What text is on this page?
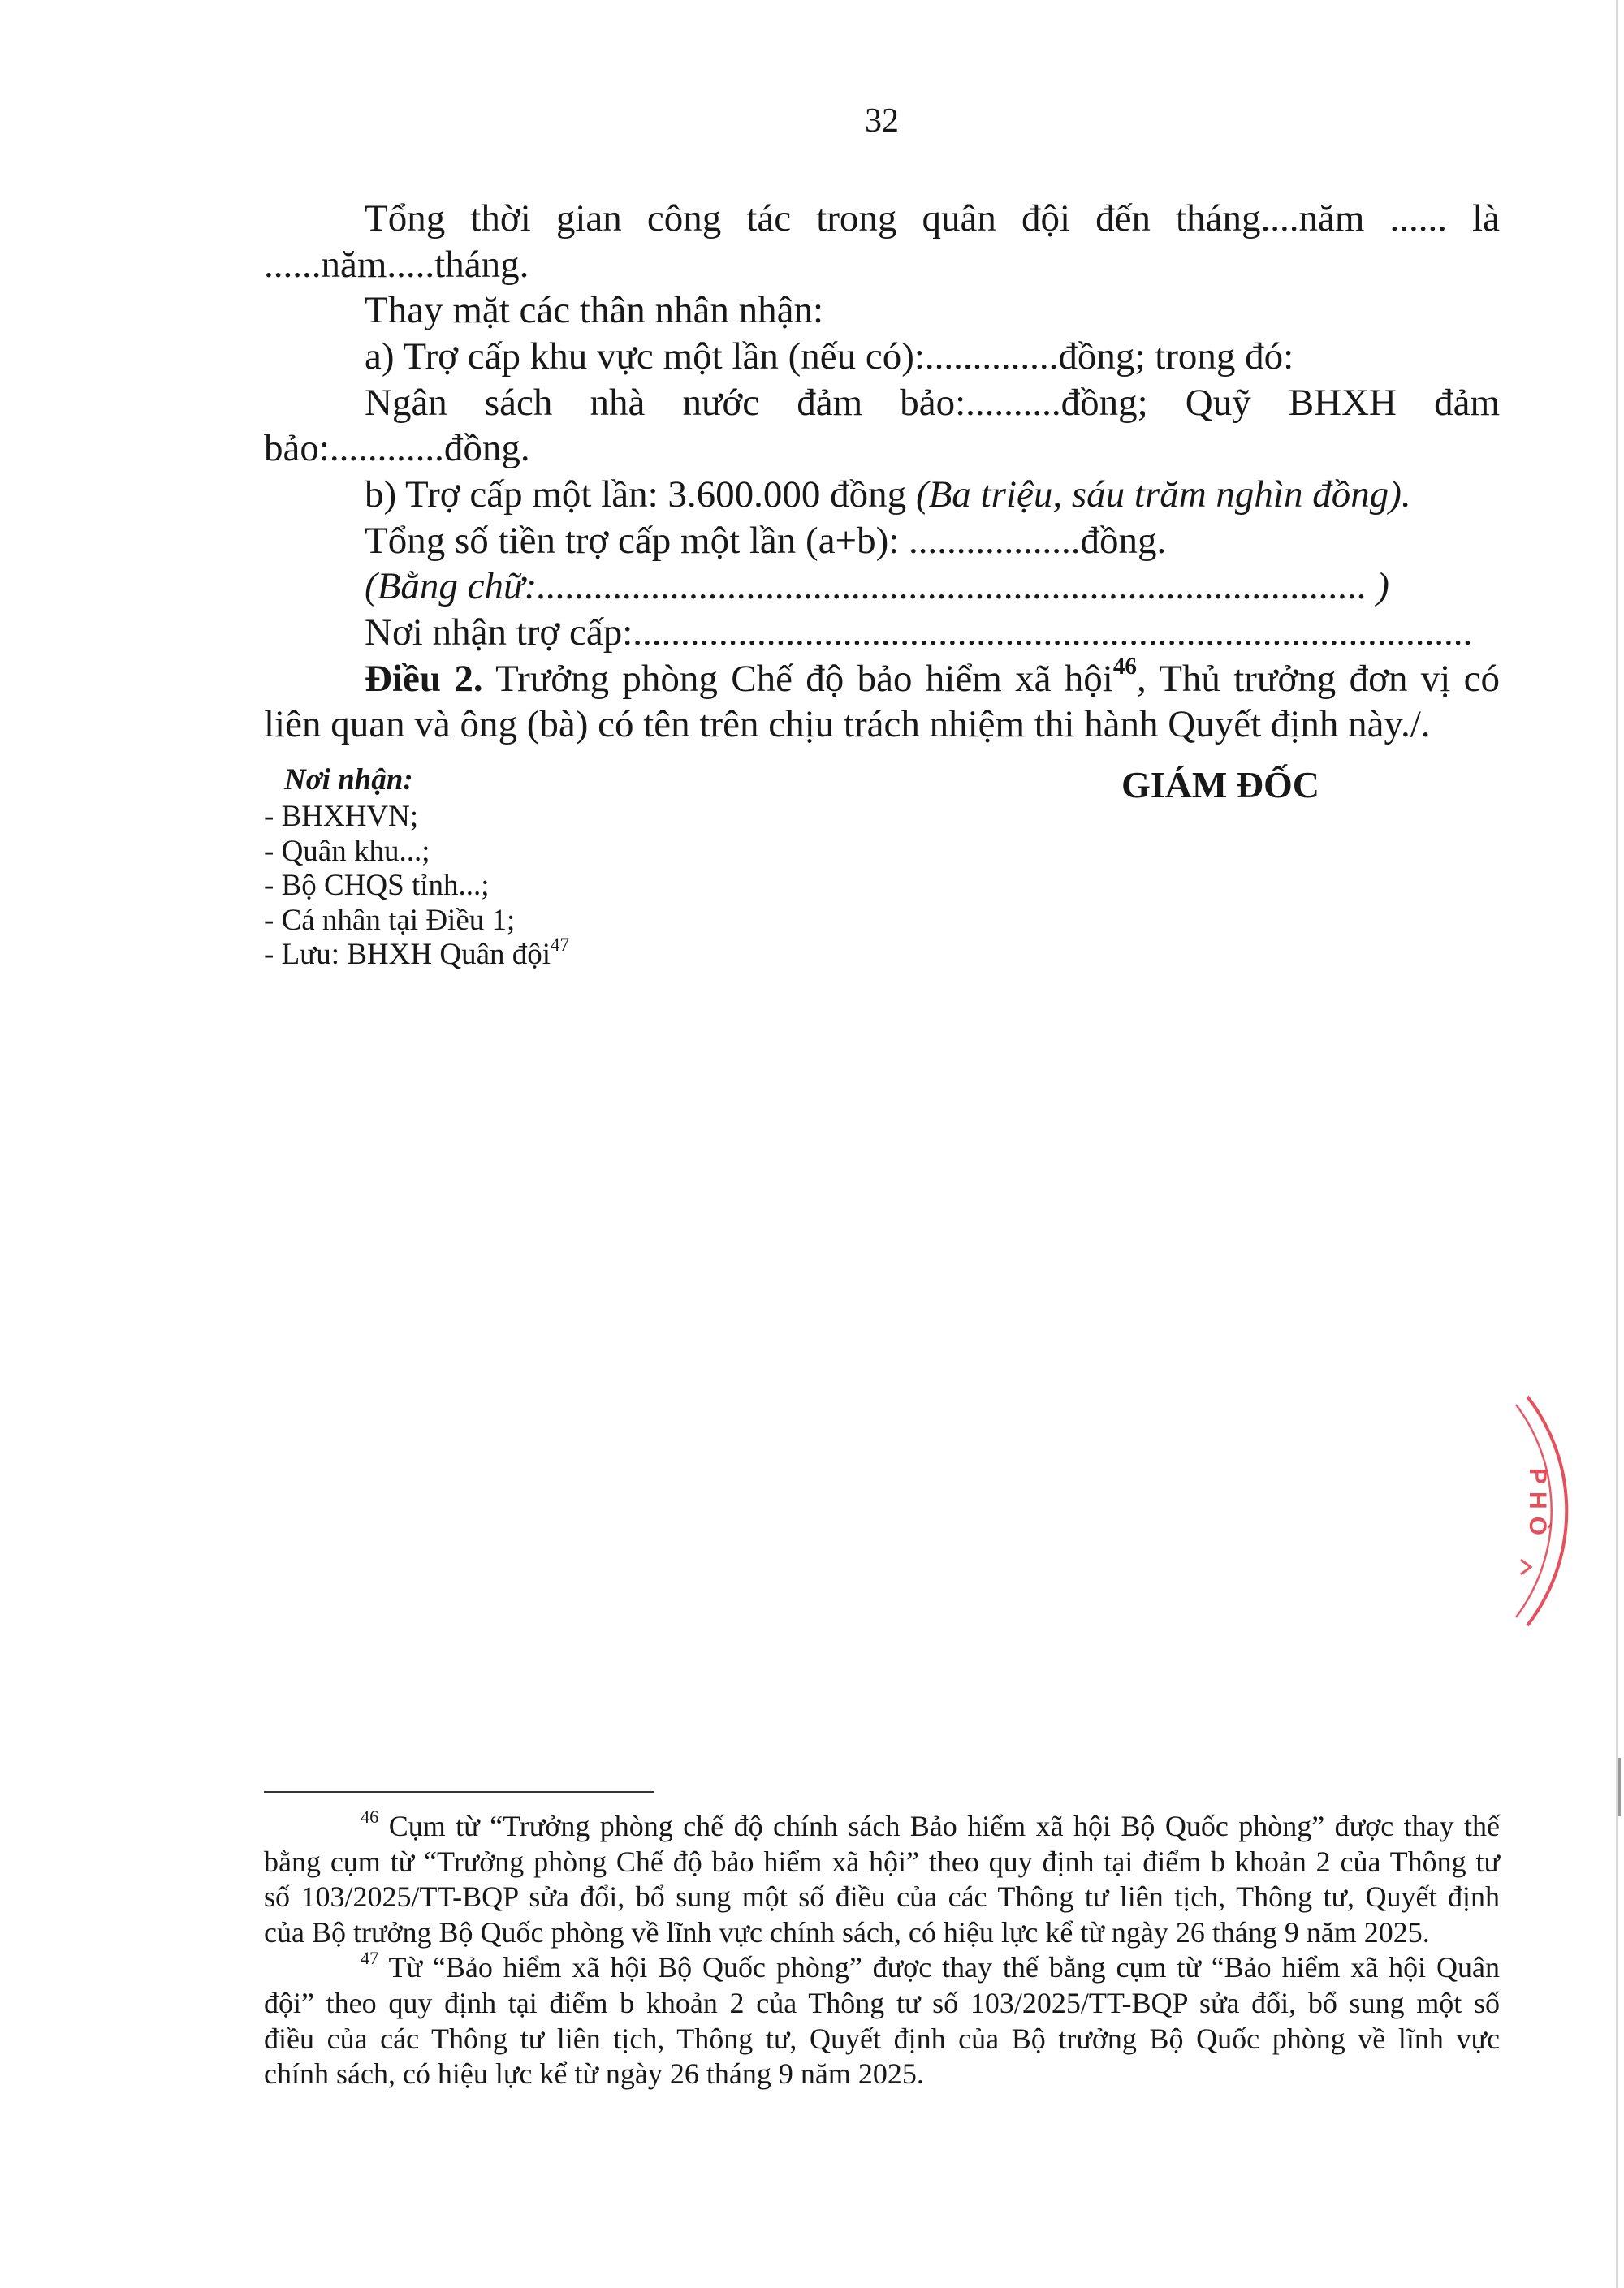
32
Tổng thời gian công tác trong quân đội đến tháng....năm ...... là
......năm.....tháng.
Thay mặt các thân nhân nhận:
a) Trợ cấp khu vực một lần (nếu có):..............đồng; trong đó:
Ngân sách nhà nước đảm bảo:..........đồng; Quỹ BHXH đảm
bảo:............đồng.
b) Trợ cấp một lần: 3.600.000 đồng (Ba triệu, sáu trăm nghìn đồng).
Tổng số tiền trợ cấp một lần (a+b): ..................đồng.
(Bằng chữ:....................................................................................... )
Nơi nhận trợ cấp:........................................................................................
Điều 2. Trưởng phòng Chế độ bảo hiểm xã hội$^{46}$, Thủ trưởng đơn vị có
liên quan và ông (bà) có tên trên chịu trách nhiệm thi hành Quyết định này./.
Nơi nhận:
- BHXHVN;
- Quân khu...;
- Bộ CHQS tỉnh...;
- Cá nhân tại Điều 1;
- Lưu: BHXH Quân đội$^{47}$
GIÁM ĐỐC
PHÒ
$^{46}$ Cụm từ “Trưởng phòng chế độ chính sách Bảo hiểm xã hội Bộ Quốc phòng” được thay thế
bằng cụm từ “Trưởng phòng Chế độ bảo hiểm xã hội” theo quy định tại điểm b khoản 2 của Thông tư
số 103/2025/TT-BQP sửa đổi, bổ sung một số điều của các Thông tư liên tịch, Thông tư, Quyết định
của Bộ trưởng Bộ Quốc phòng về lĩnh vực chính sách, có hiệu lực kể từ ngày 26 tháng 9 năm 2025.
$^{47}$ Từ “Bảo hiểm xã hội Bộ Quốc phòng” được thay thế bằng cụm từ “Bảo hiểm xã hội Quân
đội” theo quy định tại điểm b khoản 2 của Thông tư số 103/2025/TT-BQP sửa đổi, bổ sung một số
điều của các Thông tư liên tịch, Thông tư, Quyết định của Bộ trưởng Bộ Quốc phòng về lĩnh vực
chính sách, có hiệu lực kể từ ngày 26 tháng 9 năm 2025.
